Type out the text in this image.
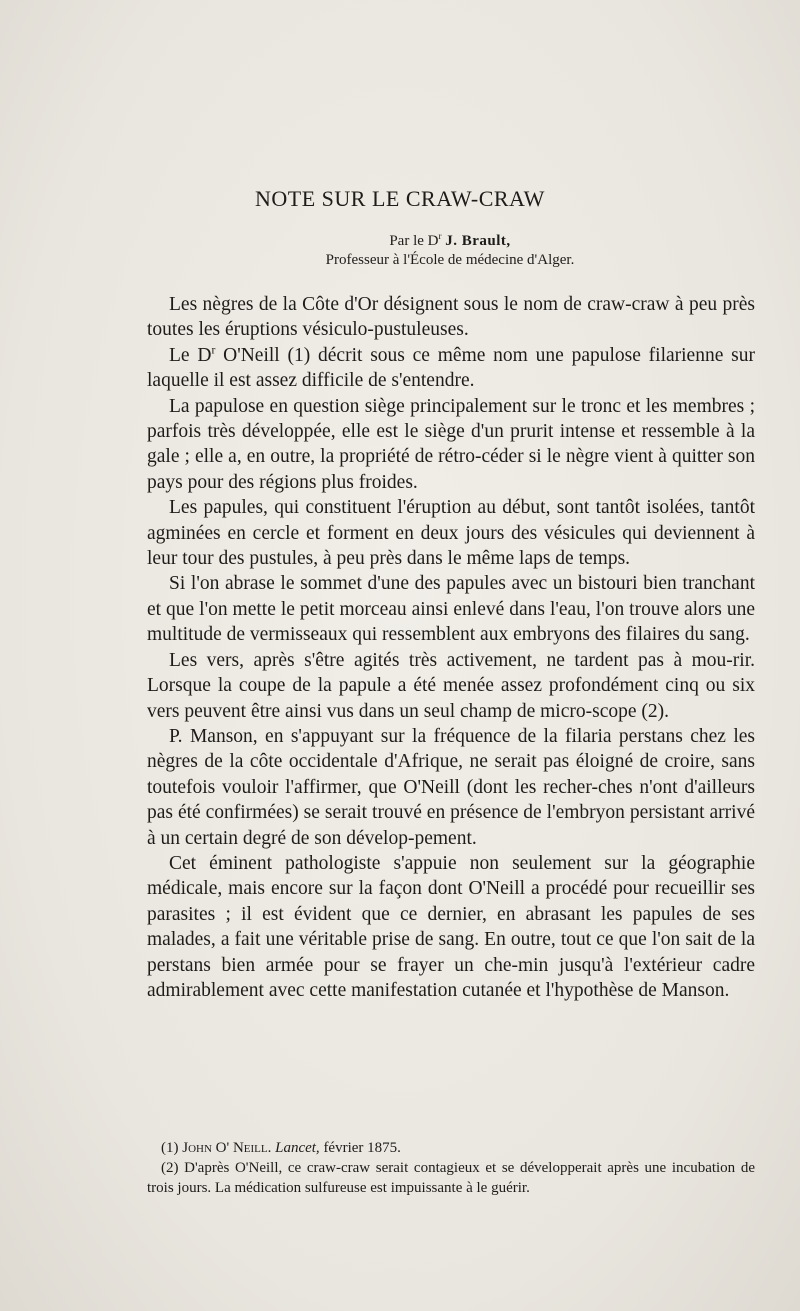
NOTE SUR LE CRAW-CRAW
Par le $D^r$ J. Brault,
Professeur à l'École de médecine d'Alger.

Les nègres de la Côte d'Or désignent sous le nom de craw-craw à peu près toutes les éruptions vésiculo-pustuleuses.

Le $D^r$ O'Neill (1) décrit sous ce même nom une papulose filarienne sur laquelle il est assez difficile de s'entendre.

La papulose en question siège principalement sur le tronc et les membres ; parfois très développée, elle est le siège d'un prurit intense et ressemble à la gale ; elle a, en outre, la propriété de rétro-céder si le nègre vient à quitter son pays pour des régions plus froides.

Les papules, qui constituent l'éruption au début, sont tantôt isolées, tantôt agminées en cercle et forment en deux jours des vésicules qui deviennent à leur tour des pustules, à peu près dans le même laps de temps.

Si l'on abrase le sommet d'une des papules avec un bistouri bien tranchant et que l'on mette le petit morceau ainsi enlevé dans l'eau, l'on trouve alors une multitude de vermisseaux qui ressemblent aux embryons des filaires du sang.

Les vers, après s'être agités très activement, ne tardent pas à mou-rir. Lorsque la coupe de la papule a été menée assez profondément cinq ou six vers peuvent être ainsi vus dans un seul champ de micro-scope (2).

P. Manson, en s'appuyant sur la fréquence de la filaria perstans chez les nègres de la côte occidentale d'Afrique, ne serait pas éloigné de croire, sans toutefois vouloir l'affirmer, que O'Neill (dont les recher-ches n'ont d'ailleurs pas été confirmées) se serait trouvé en présence de l'embryon persistant arrivé à un certain degré de son dévelop-pement.

Cet éminent pathologiste s'appuie non seulement sur la géographie médicale, mais encore sur la façon dont O'Neill a procédé pour recueillir ses parasites ; il est évident que ce dernier, en abrasant les papules de ses malades, a fait une véritable prise de sang. En outre, tout ce que l'on sait de la perstans bien armée pour se frayer un che-min jusqu'à l'extérieur cadre admirablement avec cette manifestation cutanée et l'hypothèse de Manson.

(1) John O' Neill. Lancet, février 1875.

(2) D'après O'Neill, ce craw-craw serait contagieux et se développerait après une incubation de trois jours. La médication sulfureuse est impuissante à le guérir.
